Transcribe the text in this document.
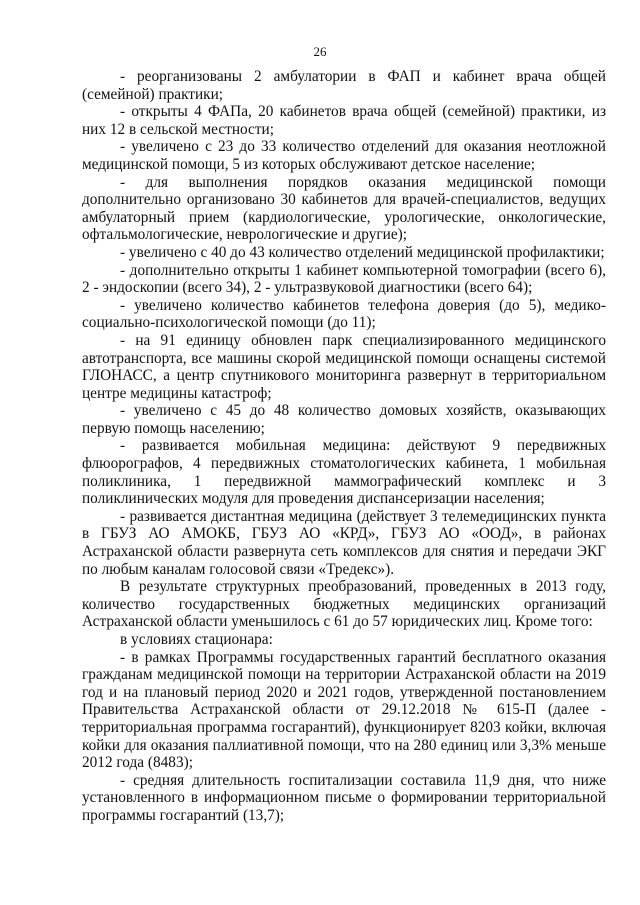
26

- реорганизованы 2 амбулатории в ФАП и кабинет врача общей (семейной) практики;

- открыты 4 ФАПа, 20 кабинетов врача общей (семейной) практики, из них 12 в сельской местности;

- увеличено с 23 до 33 количество отделений для оказания неотложной медицинской помощи, 5 из которых обслуживают детское население;

- для выполнения порядков оказания медицинской помощи дополнительно организовано 30 кабинетов для врачей-специалистов, ведущих амбулаторный прием (кардиологические, урологические, онкологические, офтальмологические, неврологические и другие);

- увеличено с 40 до 43 количество отделений медицинской профилактики;

- дополнительно открыты 1 кабинет компьютерной томографии (всего 6), 2 - эндоскопии (всего 34), 2 - ультразвуковой диагностики (всего 64);

- увеличено количество кабинетов телефона доверия (до 5), медико-социально-психологической помощи (до 11);

- на 91 единицу обновлен парк специализированного медицинского автотранспорта, все машины скорой медицинской помощи оснащены системой ГЛОНАСС, а центр спутникового мониторинга развернут в территориальном центре медицины катастроф;

- увеличено с 45 до 48 количество домовых хозяйств, оказывающих первую помощь населению;

- развивается мобильная медицина: действуют 9 передвижных флюорографов, 4 передвижных стоматологических кабинета, 1 мобильная поликлиника, 1 передвижной маммографический комплекс и 3 поликлинических модуля для проведения диспансеризации населения;

- развивается дистантная медицина (действует 3 телемедицинских пункта в ГБУЗ АО АМОКБ, ГБУЗ АО «КРД», ГБУЗ АО «ООД», в районах Астраханской области развернута сеть комплексов для снятия и передачи ЭКГ по любым каналам голосовой связи «Тредекс»).

В результате структурных преобразований, проведенных в 2013 году, количество государственных бюджетных медицинских организаций Астраханской области уменьшилось с 61 до 57 юридических лиц. Кроме того:

в условиях стационара:

- в рамках Программы государственных гарантий бесплатного оказания гражданам медицинской помощи на территории Астраханской области на 2019 год и на плановый период 2020 и 2021 годов, утвержденной постановлением Правительства Астраханской области от 29.12.2018 № 615-П (далее - территориальная программа госгарантий), функционирует 8203 койки, включая койки для оказания паллиативной помощи, что на 280 единиц или 3,3% меньше 2012 года (8483);

- средняя длительность госпитализации составила 11,9 дня, что ниже установленного в информационном письме о формировании территориальной программы госгарантий (13,7);
